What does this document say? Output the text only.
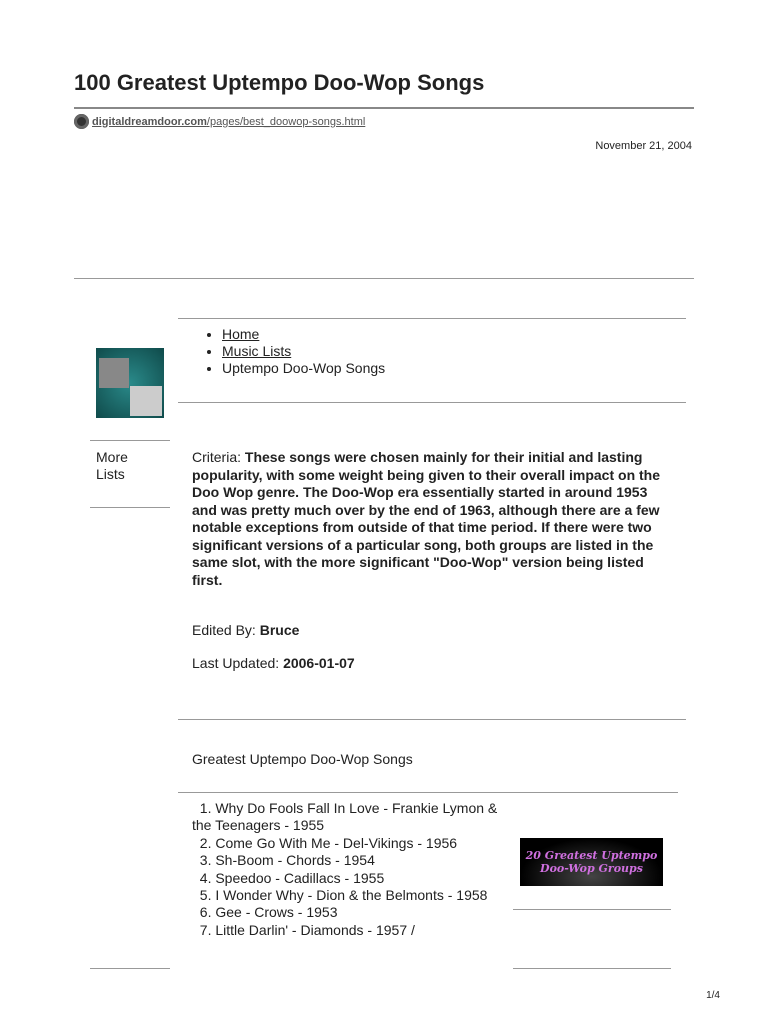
100 Greatest Uptempo Doo-Wop Songs
digitaldreamdoor.com/pages/best_doowop-songs.html
November 21, 2004
• Home
• Music Lists
• Uptempo Doo-Wop Songs
More Lists
Criteria: These songs were chosen mainly for their initial and lasting popularity, with some weight being given to their overall impact on the Doo Wop genre. The Doo-Wop era essentially started in around 1953 and was pretty much over by the end of 1963, although there are a few notable exceptions from outside of that time period. If there were two significant versions of a particular song, both groups are listed in the same slot, with the more significant "Doo-Wop" version being listed first.
Edited By: Bruce
Last Updated: 2006-01-07
Greatest Uptempo Doo-Wop Songs
1. Why Do Fools Fall In Love - Frankie Lymon & the Teenagers - 1955
2. Come Go With Me - Del-Vikings - 1956
3. Sh-Boom - Chords - 1954
4. Speedoo - Cadillacs - 1955
5. I Wonder Why - Dion & the Belmonts - 1958
6. Gee - Crows - 1953
7. Little Darlin' - Diamonds - 1957 /
20 Greatest Uptempo
Doo-Wop Groups
1/4
